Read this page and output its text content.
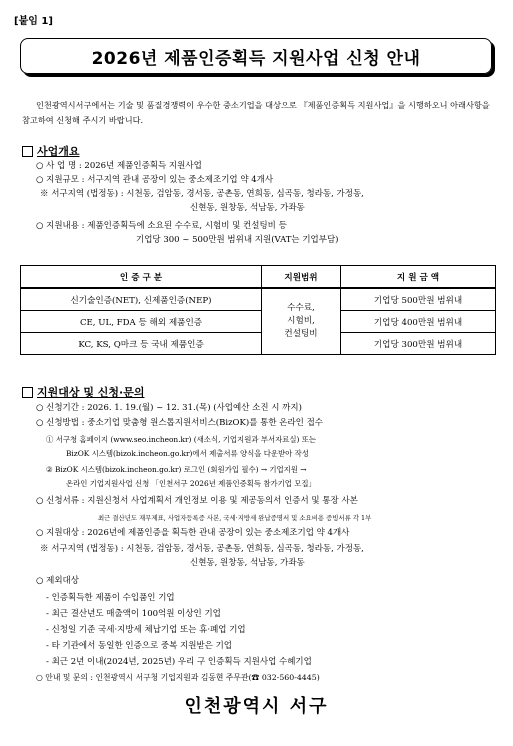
[붙임 1]
2026년 제품인증획득 지원사업 신청 안내
인천광역시서구에서는 기술 및 품질경쟁력이 우수한 중소기업을 대상으로 『제품인증획득 지원사업』을 시행하오니 아래사항을 참고하여 신청해 주시기 바랍니다.
사업개요
○ 사 업 명 : 2026년 제품인증획득 지원사업
○ 지원규모 : 서구지역 관내 공장이 있는 중소제조기업 약 4개사
※ 서구지역 (법정동) : 시천동, 검암동, 경서동, 공촌동, 연희동, 심곡동, 청라동, 가정동,
신현동, 원창동, 석남동, 가좌동
○ 지원내용 : 제품인증획득에 소요된 수수료, 시험비 및 컨설팅비 등
기업당 300 ~ 500만원 범위내 지원(VAT는 기업부담)
인 증 구 분	지원범위	지 원 금 액
신기술인증(NET), 신제품인증(NEP)	수수료,
시험비,
컨설팅비	기업당 500만원 범위내
CE, UL, FDA 등 해외 제품인증		기업당 400만원 범위내
KC, KS, Q마크 등 국내 제품인증		기업당 300만원 범위내
지원대상 및 신청·문의
○ 신청기간 : 2026. 1. 19.(월) ~ 12. 31.(목) (사업예산 소진 시 까지)
○ 신청방법 : 중소기업 맞춤형 원스톱지원서비스(BizOK)를 통한 온라인 접수
① 서구청 홈페이지 (www.seo.incheon.kr) (새소식, 기업지원과 부서자료실) 또는
BizOK 시스템(bizok.incheon.go.kr)에서 제출서류 양식을 다운받아 작성
② BizOK 시스템(bizok.incheon.go.kr) 로그인 (회원가입 필수) → 기업지원 →
온라인 기업지원사업 신청 「인천서구 2026년 제품인증획득 참가기업 모집」
○ 신청서류 : 지원신청서 사업계획서 개인정보 이용 및 제공동의서 인증서 및 통장 사본
최근 결산년도 재무제표, 사업자등록증 사본, 국세·지방세 완납증명서 및 소요비용 증빙서류 각 1부
○ 지원대상 : 2026년에 제품인증을 획득한 관내 공장이 있는 중소제조기업 약 4개사
※ 서구지역 (법정동) : 시천동, 검암동, 경서동, 공촌동, 연희동, 심곡동, 청라동, 가정동,
신현동, 원창동, 석남동, 가좌동
○ 제외대상
- 인증획득한 제품이 수입품인 기업
- 최근 결산년도 매출액이 100억원 이상인 기업
- 신청일 기준 국세·지방세 체납기업 또는 휴·폐업 기업
- 타 기관에서 동일한 인증으로 중복 지원받은 기업
- 최근 2년 이내(2024년, 2025년) 우리 구 인증획득 지원사업 수혜기업
○ 안내 및 문의 : 인천광역시 서구청 기업지원과 김동현 주무관(☎ 032-560-4445)
인천광역시 서구
